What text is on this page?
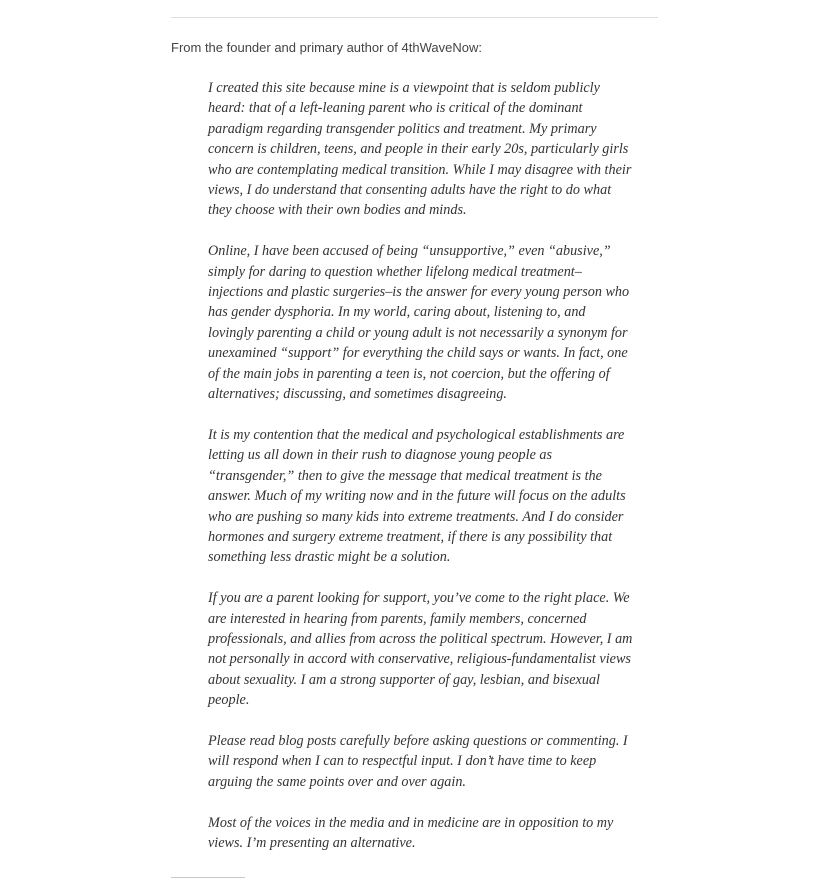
From the founder and primary author of 4thWaveNow:

I created this site because mine is a viewpoint that is seldom publicly heard: that of a left-leaning parent who is critical of the dominant paradigm regarding transgender politics and treatment. My primary concern is children, teens, and people in their early 20s, particularly girls who are contemplating medical transition. While I may disagree with their views, I do understand that consenting adults have the right to do what they choose with their own bodies and minds.

Online, I have been accused of being “unsupportive,” even “abusive,” simply for daring to question whether lifelong medical treatment–injections and plastic surgeries–is the answer for every young person who has gender dysphoria. In my world, caring about, listening to, and lovingly parenting a child or young adult is not necessarily a synonym for unexamined “support” for everything the child says or wants. In fact, one of the main jobs in parenting a teen is, not coercion, but the offering of alternatives; discussing, and sometimes disagreeing.

It is my contention that the medical and psychological establishments are letting us all down in their rush to diagnose young people as “transgender,” then to give the message that medical treatment is the answer. Much of my writing now and in the future will focus on the adults who are pushing so many kids into extreme treatments. And I do consider hormones and surgery extreme treatment, if there is any possibility that something less drastic might be a solution.

If you are a parent looking for support, you’ve come to the right place. We are interested in hearing from parents, family members, concerned professionals, and allies from across the political spectrum. However, I am not personally in accord with conservative, religious-fundamentalist views about sexuality. I am a strong supporter of gay, lesbian, and bisexual people.

Please read blog posts carefully before asking questions or commenting. I will respond when I can to respectful input. I don’t have time to keep arguing the same points over and over again.

Most of the voices in the media and in medicine are in opposition to my views. I’m presenting an alternative.
